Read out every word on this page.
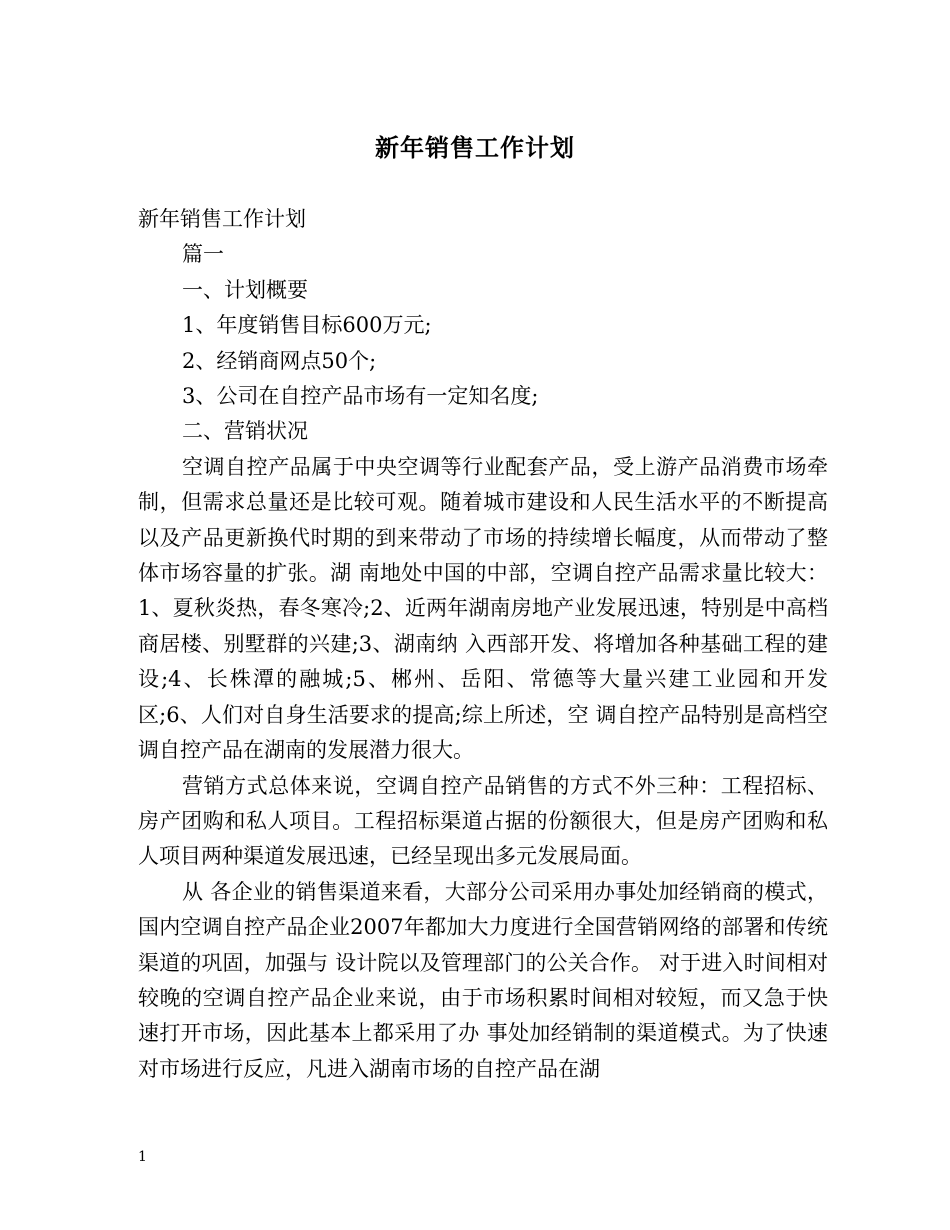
新年销售工作计划

新年销售工作计划

篇一

一、计划概要

1、年度销售目标600万元;

2、经销商网点50个;

3、公司在自控产品市场有一定知名度;

二、营销状况

空调自控产品属于中央空调等行业配套产品，受上游产品消费市场牵制，但需求总量还是比较可观。随着城市建设和人民生活水平的不断提高以及产品更新换代时期的到来带动了市场的持续增长幅度，从而带动了整体市场容量的扩张。湖 南地处中国的中部，空调自控产品需求量比较大：1、夏秋炎热，春冬寒冷;2、近两年湖南房地产业发展迅速，特别是中高档商居楼、别墅群的兴建;3、湖南纳 入西部开发、将增加各种基础工程的建设;4、长株潭的融城;5、郴州、岳阳、常德等大量兴建工业园和开发区;6、人们对自身生活要求的提高;综上所述，空 调自控产品特别是高档空调自控产品在湖南的发展潜力很大。

营销方式总体来说，空调自控产品销售的方式不外三种：工程招标、房产团购和私人项目。工程招标渠道占据的份额很大，但是房产团购和私人项目两种渠道发展迅速，已经呈现出多元发展局面。

从 各企业的销售渠道来看，大部分公司采用办事处加经销商的模式，国内空调自控产品企业2007年都加大力度进行全国营销网络的部署和传统渠道的巩固，加强与 设计院以及管理部门的公关合作。 对于进入时间相对较晚的空调自控产品企业来说，由于市场积累时间相对较短，而又急于快速打开市场，因此基本上都采用了办 事处加经销制的渠道模式。为了快速对市场进行反应，凡进入湖南市场的自控产品在湖

1
